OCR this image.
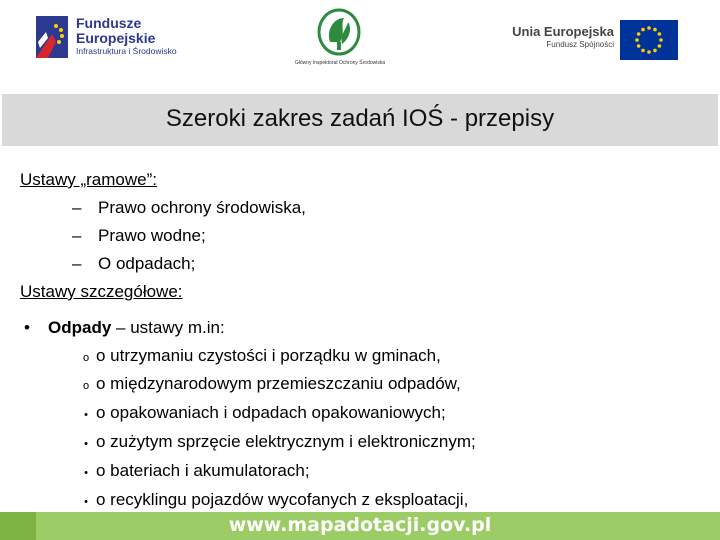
Fundusze
Europejskie
Infrastruktura i Środowisko
Główny Inspektorat Ochrony Środowiska
Unia Europejska
Fundusz Spójności
Szeroki zakres zadań IOŚ - przepisy
Ustawy „ramowe”:
– Prawo ochrony środowiska,
– Prawo wodne;
– O odpadach;
Ustawy szczegółowe:
• Odpady – ustawy m.in:
o o utrzymaniu czystości i porządku w gminach,
o o międzynarodowym przemieszczaniu odpadów,
• o opakowaniach i odpadach opakowaniowych;
• o zużytym sprzęcie elektrycznym i elektronicznym;
• o bateriach i akumulatorach;
• o recyklingu pojazdów wycofanych z eksploatacji,
www.mapadotacji.gov.pl
